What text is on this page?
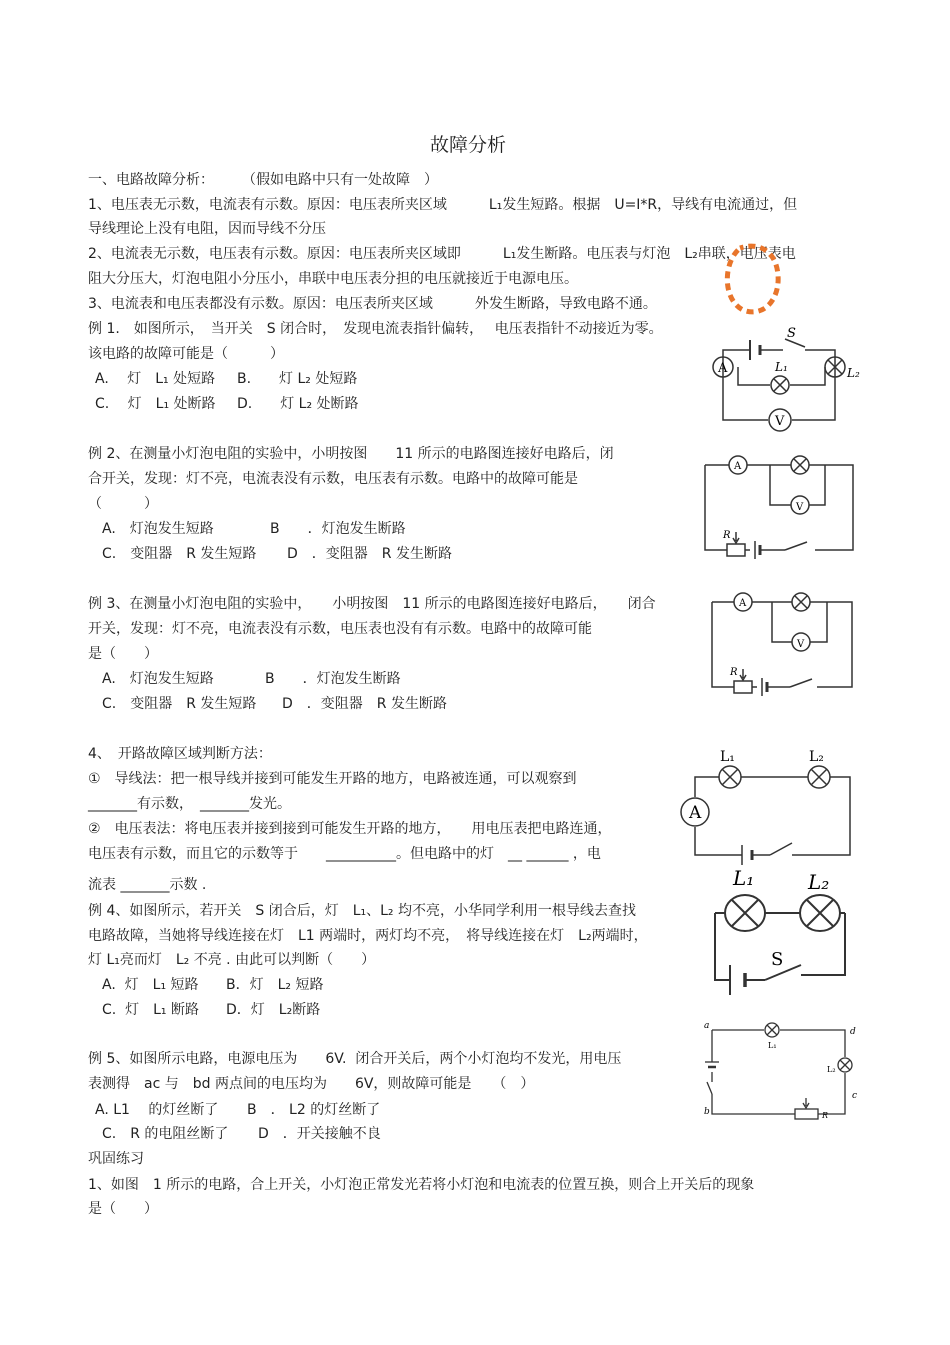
故障分析
一、电路故障分析：　　　（假如电路中只有一处故障　）
1、电压表无示数，电流表有示数。原因：电压表所夹区域　　　L₁发生短路。根据　U=I*R，导线有电流通过，但
导线理论上没有电阻，因而导线不分压
2、电流表无示数，电压表有示数。原因：电压表所夹区域即　　　L₁发生断路。电压表与灯泡　L₂串联，电压表电
阻大分压大，灯泡电阻小分压小，串联中电压表分担的电压就接近于电源电压。
3、电流表和电压表都没有示数。原因：电压表所夹区域　　　外发生断路，导致电路不通。
例 1.　如图所示，　当开关　S 闭合时，　发现电流表指针偏转，　 电压表指针不动接近为零。
该电路的故障可能是（　　　）
A.　 灯　L₁ 处短路 B.　　灯 L₂ 处短路
C.　 灯　L₁ 处断路 D.　　灯 L₂ 处断路
例 2、在测量小灯泡电阻的实验中，小明按图　　11 所示的电路图连接好电路后，闭
合开关，发现：灯不亮，电流表没有示数，电压表有示数。电路中的故障可能是
（　　　）
A.　灯泡发生短路	B　　．灯泡发生断路
C.　变阻器　R 发生短路 D　．变阻器　R 发生断路
例 3、在测量小灯泡电阻的实验中，　　小明按图　11 所示的电路图连接好电路后，　　闭合
开关，发现：灯不亮，电流表没有示数，电压表也没有有示数。电路中的故障可能
是（　　）
A.　灯泡发生短路	B　　．灯泡发生断路
C.　变阻器　R 发生短路 D　．变阻器　R 发生断路
4、　开路故障区域判断方法：
①　导线法：把一根导线并接到可能发生开路的地方，电路被连通，可以观察到
_______有示数，　_______发光。
②　电压表法：将电压表并接到接到可能发生开路的地方，　　用电压表把电路连通，
电压表有示数，而且它的示数等于　　__________。但电路中的灯　__ ______ ，电
流表 _______示数 .
例 4、如图所示，若开关　S 闭合后，灯　L₁、L₂ 均不亮，小华同学利用一根导线去查找
电路故障，当她将导线连接在灯　L1 两端时，两灯均不亮，　将导线连接在灯　L₂两端时，
灯 L₁亮而灯　L₂ 不亮 . 由此可以判断（　　）
A.  灯　L₁ 短路 B．灯　L₂ 短路
C.  灯　L₁ 断路 D．灯　L₂断路
例 5、如图所示电路，电源电压为　　6V.  闭合开关后，两个小灯泡均不发光，用电压
表测得　ac 与　bd 两点间的电压均为　　6V，则故障可能是　　（　）
A. L1　 的灯丝断了 B　． L2 的灯丝断了
C.　R 的电阻丝断了 D　．开关接触不良
巩固练习
1、如图　1 所示的电路，合上开关，小灯泡正常发光若将小灯泡和电流表的位置互换，则合上开关后的现象
是（　　）
A
V
S
L₁	L₂
A
V
R
A
V
R
A
L₁	L₂
L₁	L₂
S
a
b
c
d
L₁
L₂
R
